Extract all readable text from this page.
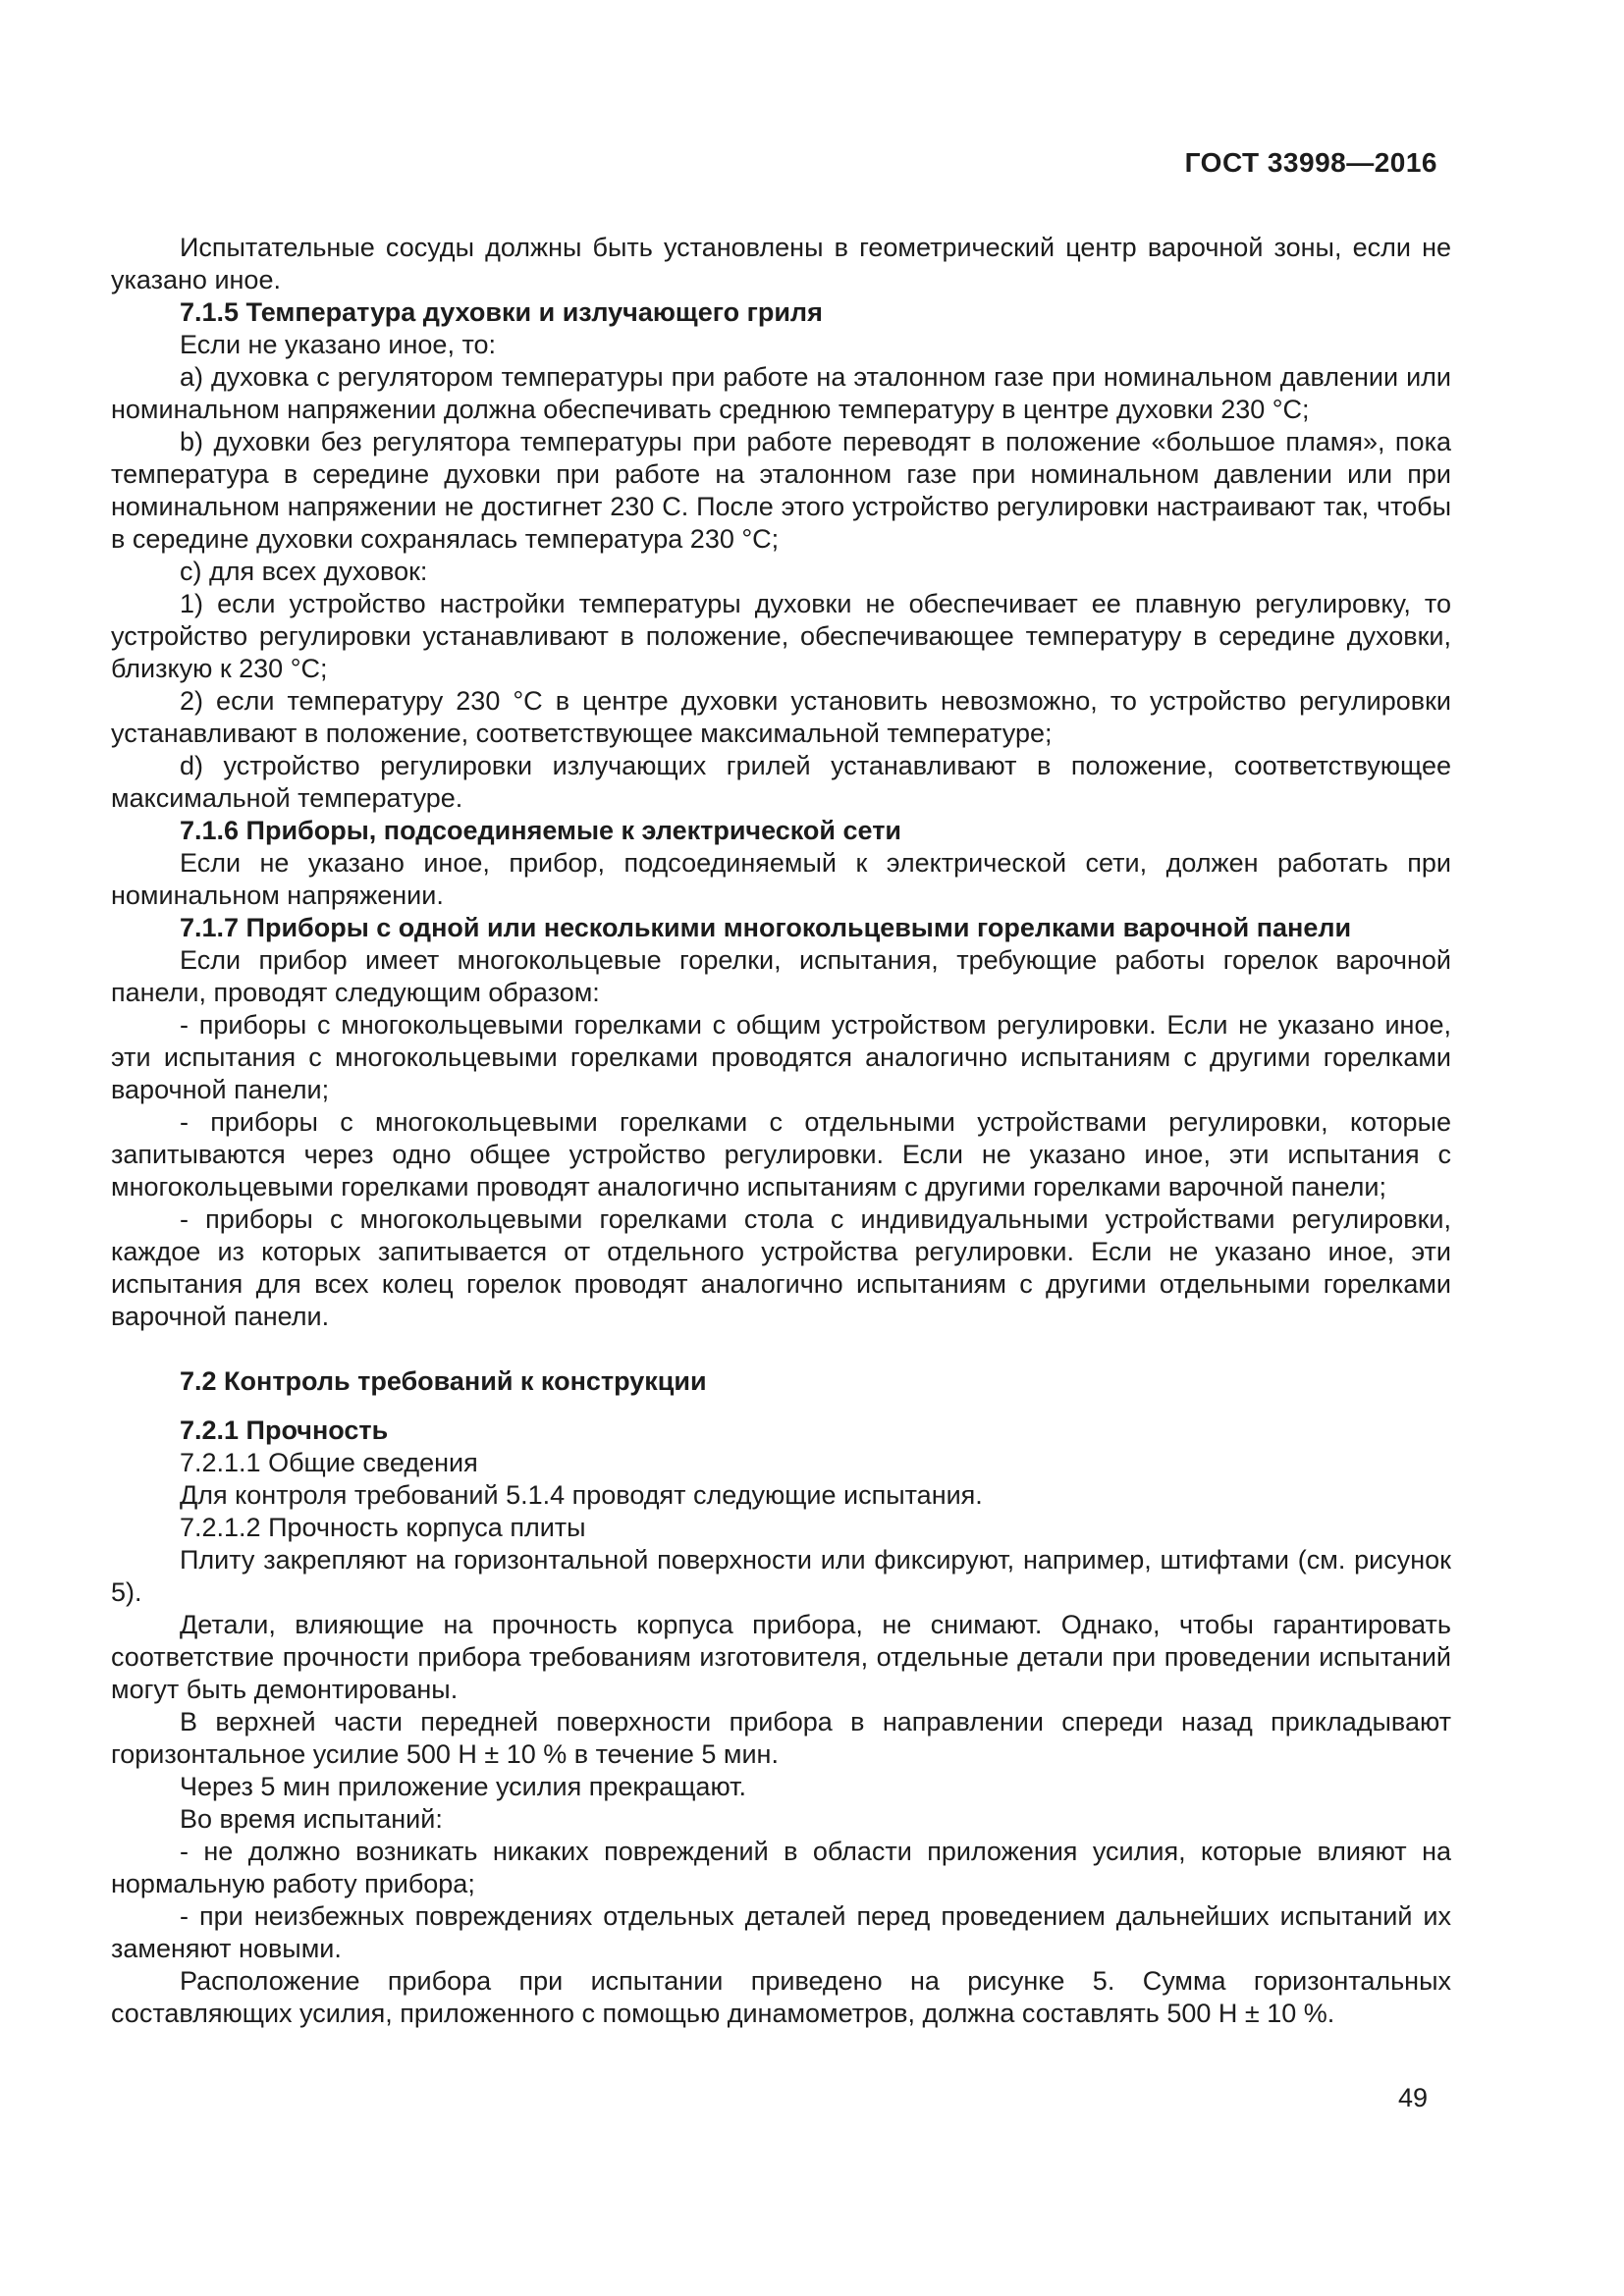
ГОСТ 33998—2016

Испытательные сосуды должны быть установлены в геометрический центр варочной зоны, если не указано иное.

7.1.5 Температура духовки и излучающего гриля

Если не указано иное, то:

a) духовка с регулятором температуры при работе на эталонном газе при номинальном давлении или номинальном напряжении должна обеспечивать среднюю температуру в центре духовки 230 °С;

b) духовки без регулятора температуры при работе переводят в положение «большое пламя», пока температура в середине духовки при работе на эталонном газе при номинальном давлении или при номинальном напряжении не достигнет 230 С. После этого устройство регулировки настраивают так, чтобы в середине духовки сохранялась температура 230 °С;

c) для всех духовок:

1) если устройство настройки температуры духовки не обеспечивает ее плавную регулировку, то устройство регулировки устанавливают в положение, обеспечивающее температуру в середине духовки, близкую к 230 °С;

2) если температуру 230 °С в центре духовки установить невозможно, то устройство регулировки устанавливают в положение, соответствующее максимальной температуре;

d) устройство регулировки излучающих грилей устанавливают в положение, соответствующее максимальной температуре.

7.1.6 Приборы, подсоединяемые к электрической сети

Если не указано иное, прибор, подсоединяемый к электрической сети, должен работать при номинальном напряжении.

7.1.7 Приборы с одной или несколькими многокольцевыми горелками варочной панели

Если прибор имеет многокольцевые горелки, испытания, требующие работы горелок варочной панели, проводят следующим образом:

- приборы с многокольцевыми горелками с общим устройством регулировки. Если не указано иное, эти испытания с многокольцевыми горелками проводятся аналогично испытаниям с другими горелками варочной панели;

- приборы с многокольцевыми горелками с отдельными устройствами регулировки, которые запитываются через одно общее устройство регулировки. Если не указано иное, эти испытания с многокольцевыми горелками проводят аналогично испытаниям с другими горелками варочной панели;

- приборы с многокольцевыми горелками стола с индивидуальными устройствами регулировки, каждое из которых запитывается от отдельного устройства регулировки. Если не указано иное, эти испытания для всех колец горелок проводят аналогично испытаниям с другими отдельными горелками варочной панели.

7.2 Контроль требований к конструкции

7.2.1 Прочность

7.2.1.1 Общие сведения

Для контроля требований 5.1.4 проводят следующие испытания.

7.2.1.2 Прочность корпуса плиты

Плиту закрепляют на горизонтальной поверхности или фиксируют, например, штифтами (см. рисунок 5).

Детали, влияющие на прочность корпуса прибора, не снимают. Однако, чтобы гарантировать соответствие прочности прибора требованиям изготовителя, отдельные детали при проведении испытаний могут быть демонтированы.

В верхней части передней поверхности прибора в направлении спереди назад прикладывают горизонтальное усилие 500 Н ± 10 % в течение 5 мин.

Через 5 мин приложение усилия прекращают.

Во время испытаний:

- не должно возникать никаких повреждений в области приложения усилия, которые влияют на нормальную работу прибора;

- при неизбежных повреждениях отдельных деталей перед проведением дальнейших испытаний их заменяют новыми.

Расположение прибора при испытании приведено на рисунке 5. Сумма горизонтальных составляющих усилия, приложенного с помощью динамометров, должна составлять 500 Н ± 10 %.

49
